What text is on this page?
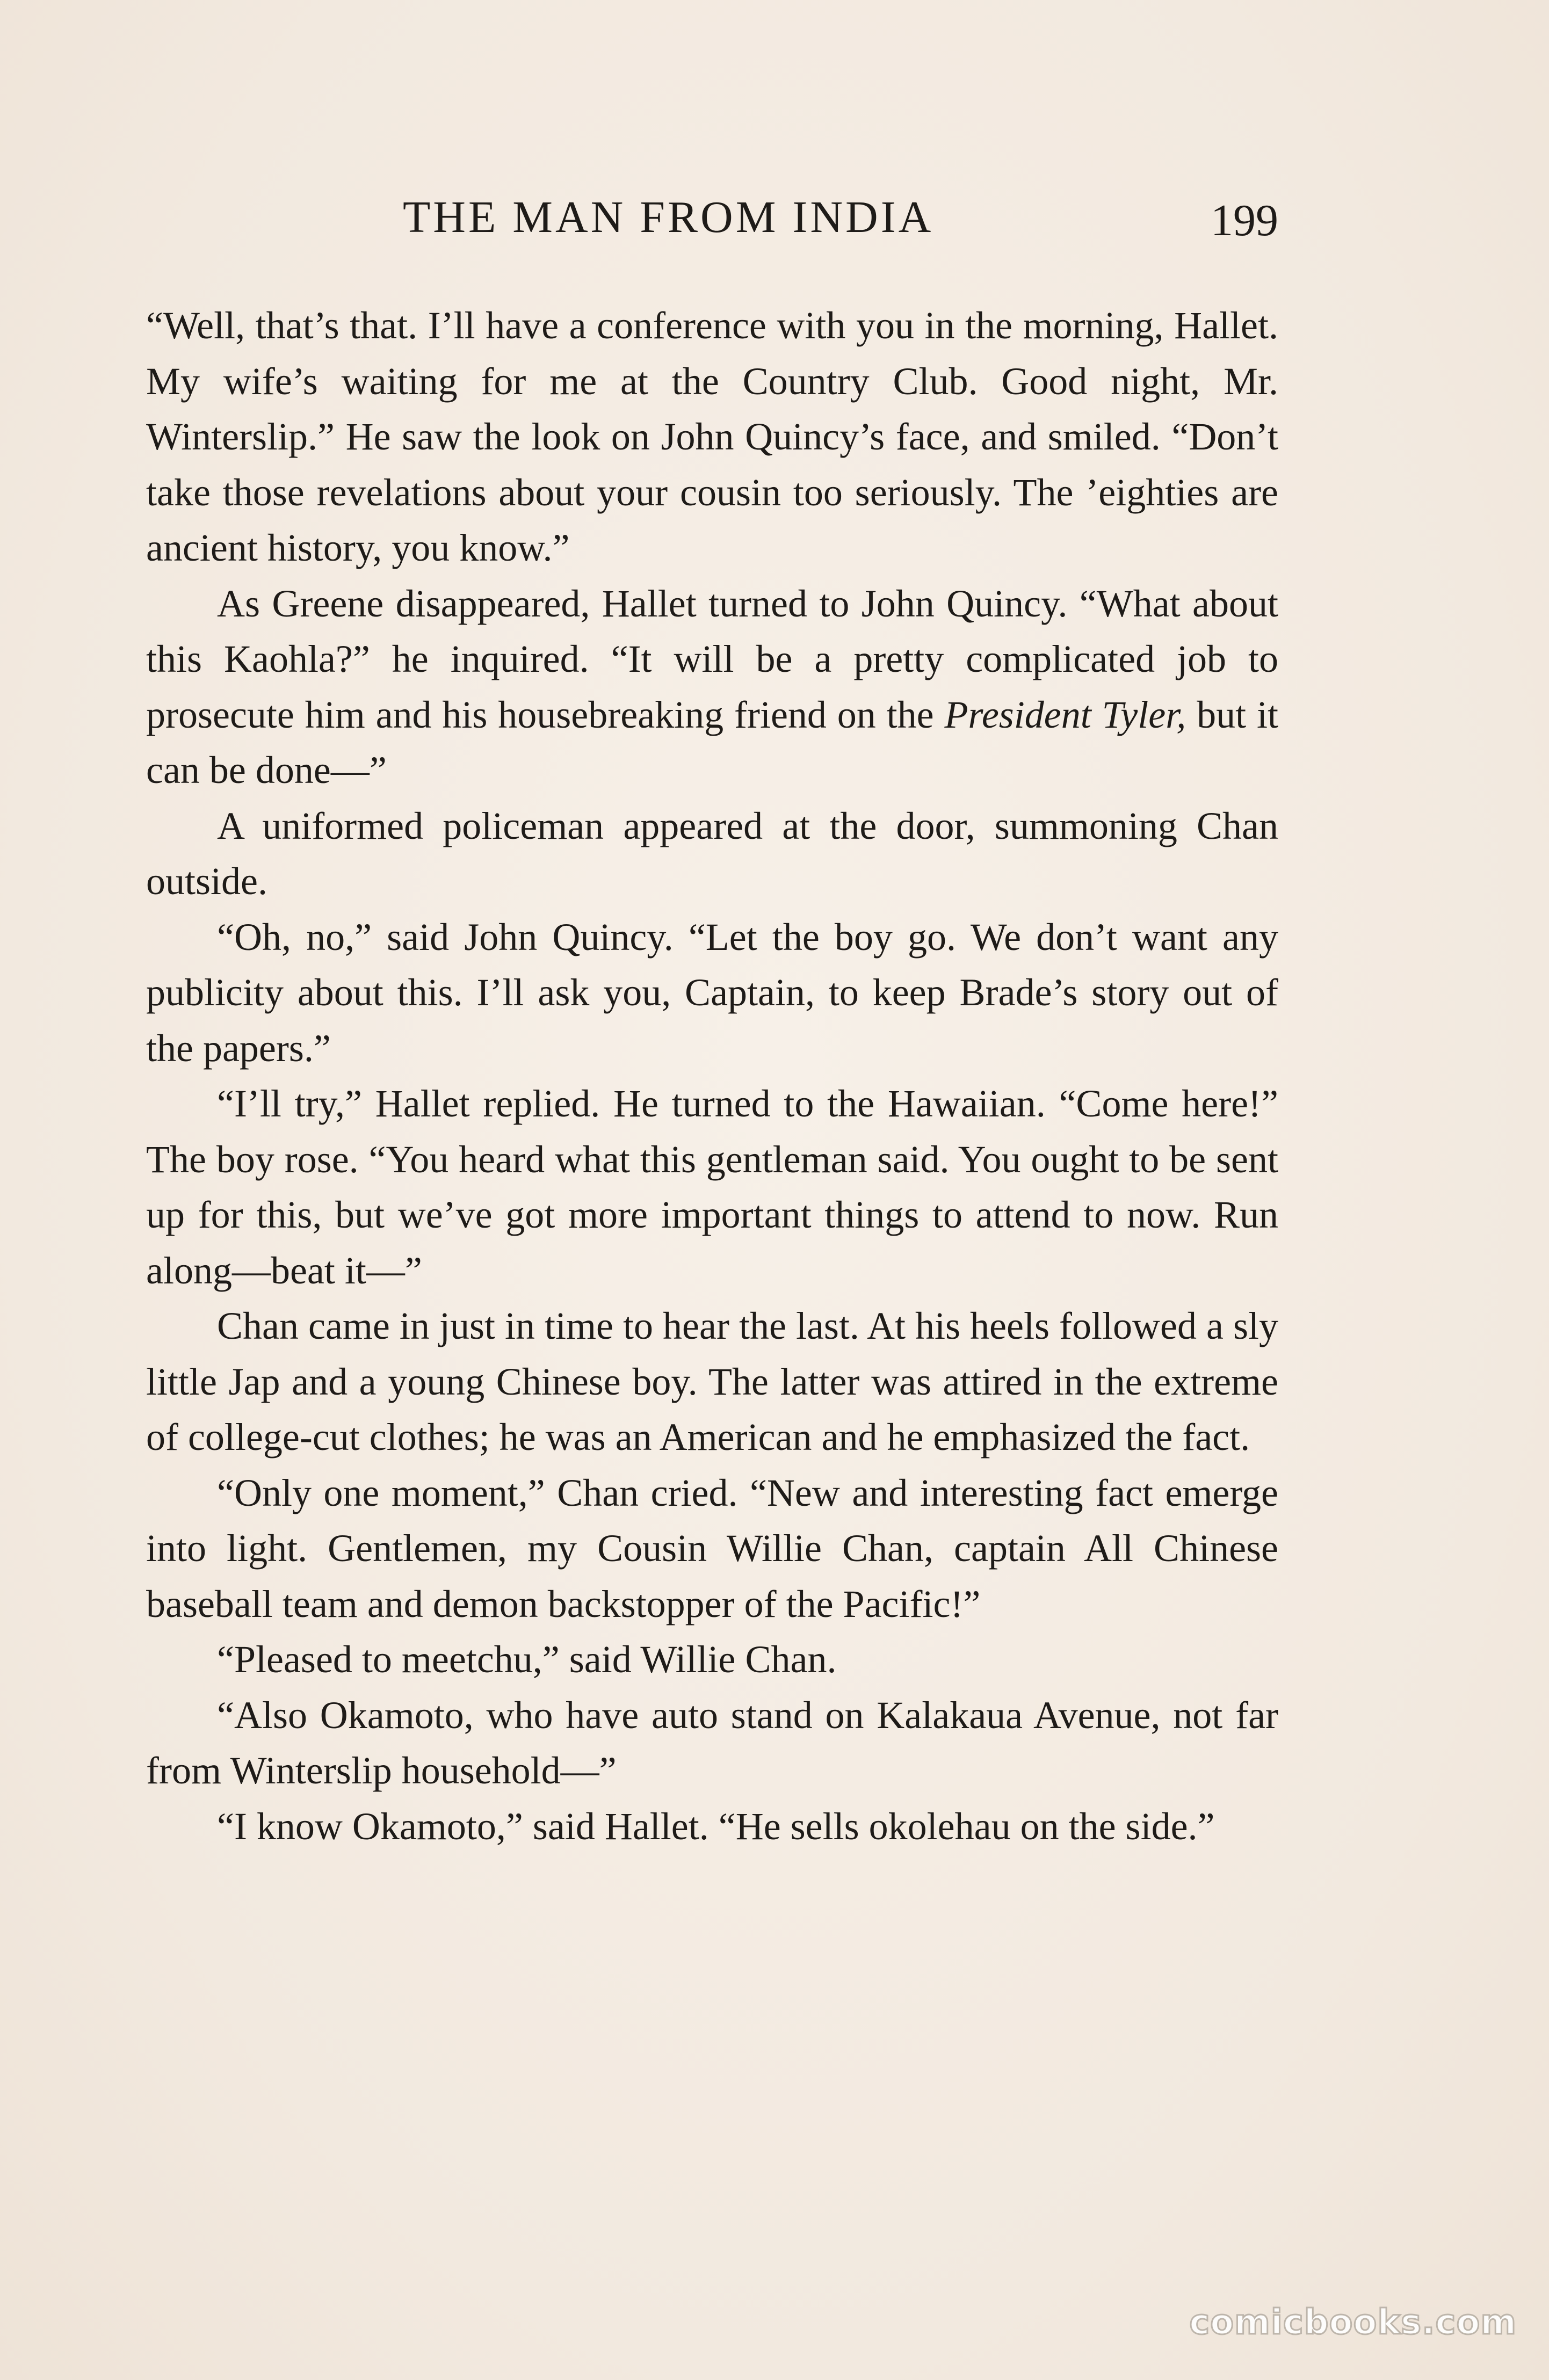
THE MAN FROM INDIA	199

“Well, that’s that. I’ll have a conference with you in the morning, Hallet. My wife’s waiting for me at the Country Club. Good night, Mr. Winterslip.” He saw the look on John Quincy’s face, and smiled. “Don’t take those revelations about your cousin too seriously. The ’eighties are ancient history, you know.”

As Greene disappeared, Hallet turned to John Quincy. “What about this Kaohla?” he inquired. “It will be a pretty complicated job to prosecute him and his housebreaking friend on the President Tyler, but it can be done—”

A uniformed policeman appeared at the door, summoning Chan outside.

“Oh, no,” said John Quincy. “Let the boy go. We don’t want any publicity about this. I’ll ask you, Captain, to keep Brade’s story out of the papers.”

“I’ll try,” Hallet replied. He turned to the Hawaiian. “Come here!” The boy rose. “You heard what this gentleman said. You ought to be sent up for this, but we’ve got more important things to attend to now. Run along—beat it—”

Chan came in just in time to hear the last. At his heels followed a sly little Jap and a young Chinese boy. The latter was attired in the extreme of college-cut clothes; he was an American and he emphasized the fact.

“Only one moment,” Chan cried. “New and interesting fact emerge into light. Gentlemen, my Cousin Willie Chan, captain All Chinese baseball team and demon backstopper of the Pacific!”

“Pleased to meetchu,” said Willie Chan.

“Also Okamoto, who have auto stand on Kalakaua Avenue, not far from Winterslip household—”

“I know Okamoto,” said Hallet. “He sells okolehau on the side.”

comicbooks.com
